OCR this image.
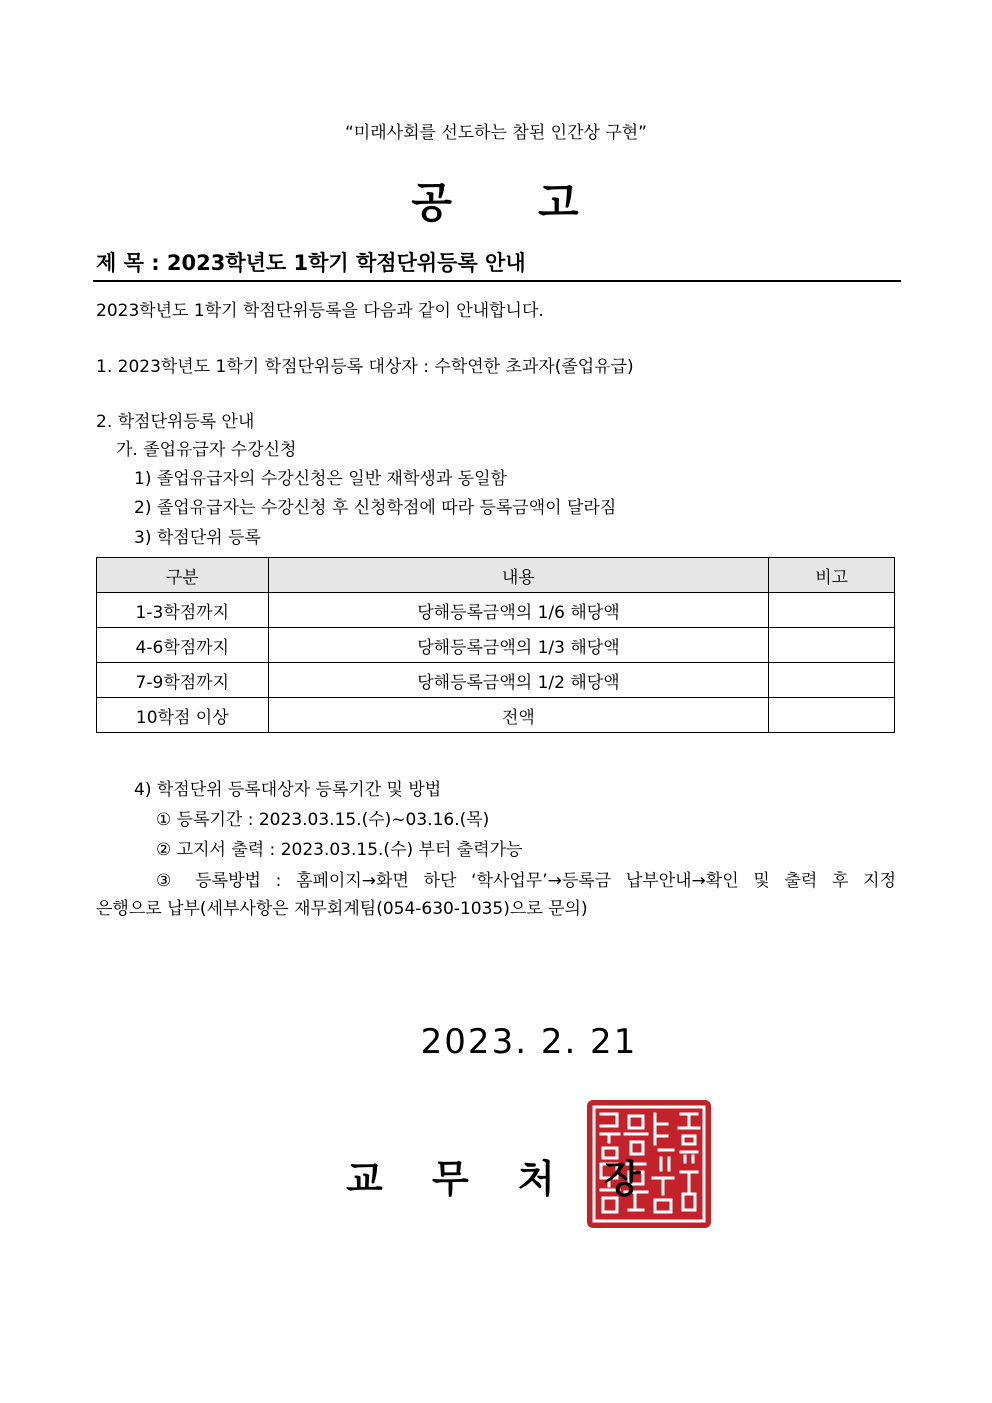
“미래사회를 선도하는 참된 인간상 구현”
공 고
제 목 : 2023학년도 1학기 학점단위등록 안내
2023학년도 1학기 학점단위등록을 다음과 같이 안내합니다.
1. 2023학년도 1학기 학점단위등록 대상자 : 수학연한 초과자(졸업유급)
2. 학점단위등록 안내
가. 졸업유급자 수강신청
1) 졸업유급자의 수강신청은 일반 재학생과 동일함
2) 졸업유급자는 수강신청 후 신청학점에 따라 등록금액이 달라짐
3) 학점단위 등록
구분	내용	비고
1-3학점까지	당해등록금액의 1/6 해당액	
4-6학점까지	당해등록금액의 1/3 해당액	
7-9학점까지	당해등록금액의 1/2 해당액	
10학점 이상	전액	
4) 학점단위 등록대상자 등록기간 및 방법
① 등록기간 : 2023.03.15.(수)~03.16.(목)
② 고지서 출력 : 2023.03.15.(수) 부터 출력가능
③ 등록방법 : 홈페이지→화면 하단 ‘학사업무’→등록금 납부안내→확인 및 출력 후 지정
은행으로 납부(세부사항은 재무회계팀(054-630-1035)으로 문의)
2023. 2. 21
교 무 처 장
